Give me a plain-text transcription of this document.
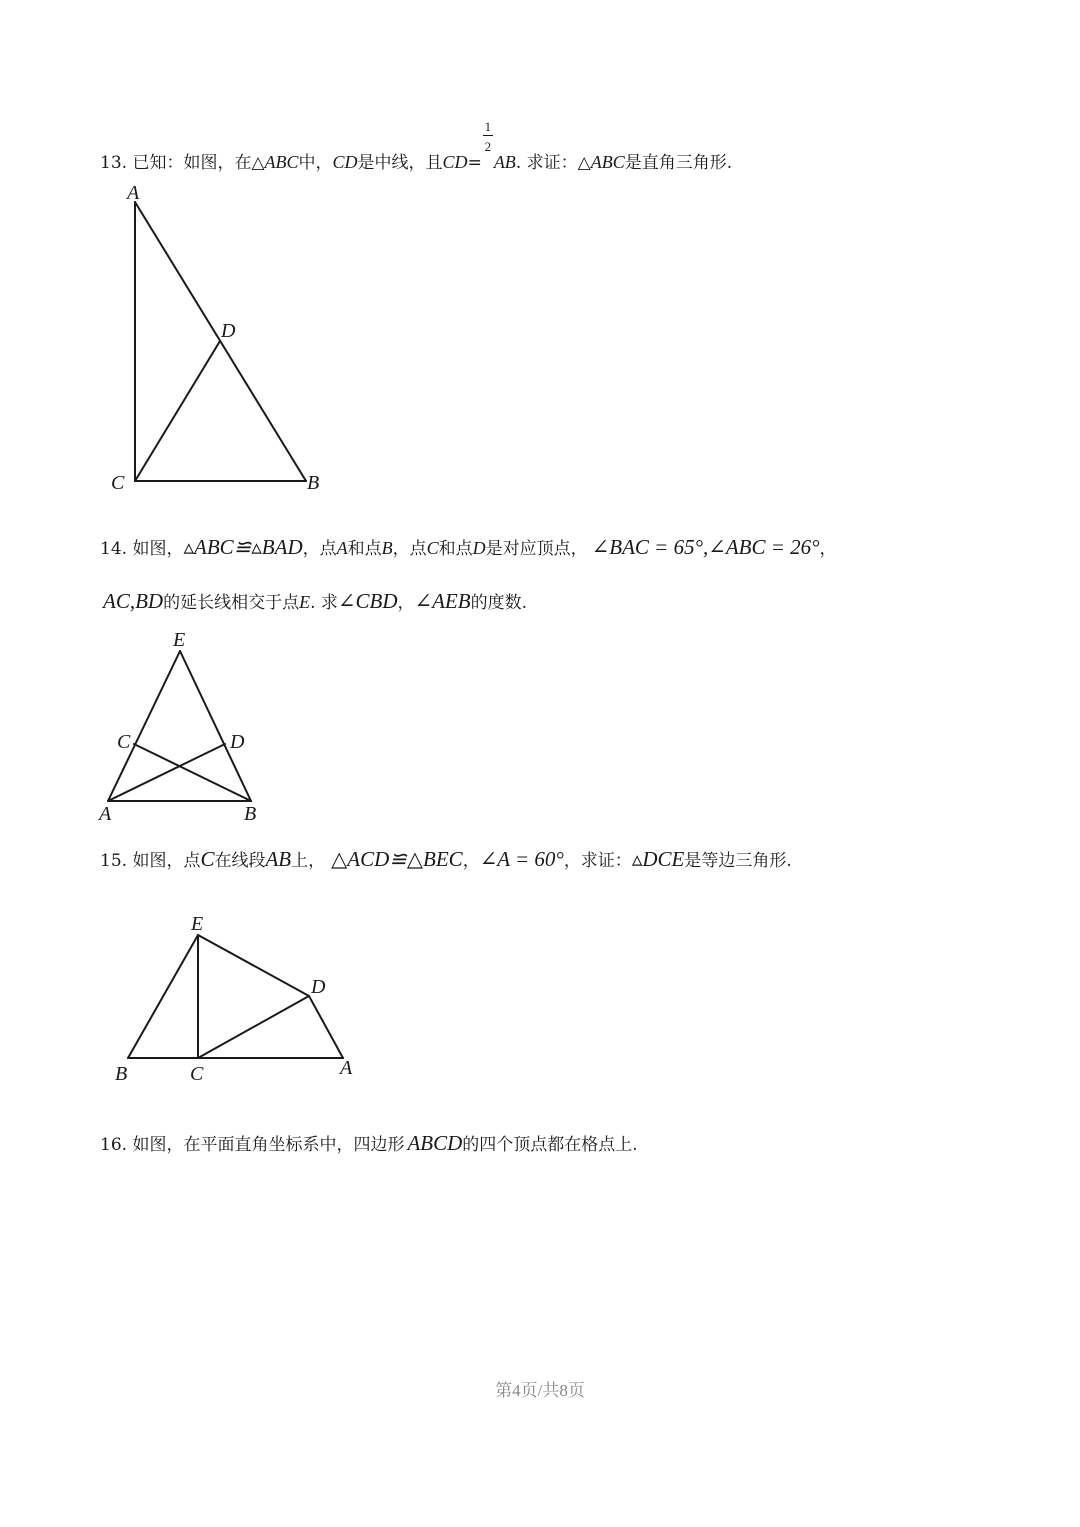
13. 已知：如图，在△ABC中，CD是中线，且$CD= \frac{1}{2}$ AB. 求证：△ABC是直角三角形.
A
D
C	B
14. 如图，▵ABC≌▵BAD，点A和点B，点C和点D是对应顶点， ∠BAC = 65°,∠ABC = 26°，
AC,BD的延长线相交于点E. 求∠CBD，∠AEB的度数.
E
C	D
A	B
15. 如图，点C在线段AB上， △ACD≌△BEC，∠A = 60°，求证：▵DCE是等边三角形.
E
D
B	C	A
16. 如图，在平面直角坐标系中，四边形 ABCD的四个顶点都在格点上.
第4页/共8页
